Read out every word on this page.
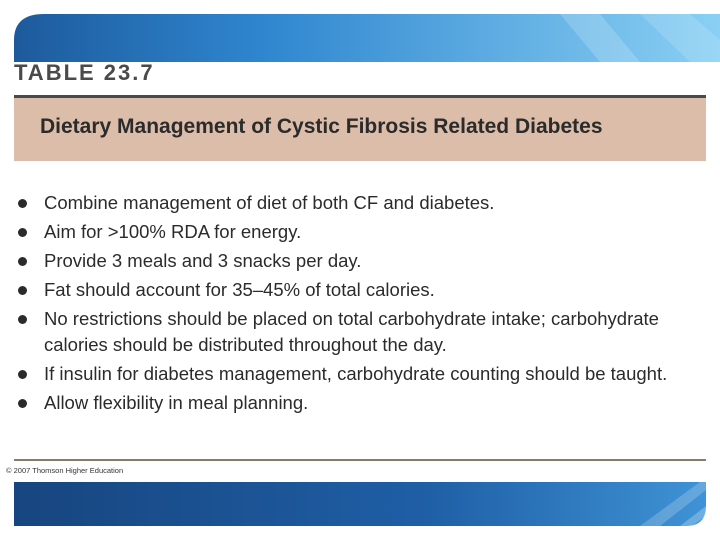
TABLE 23.7
Dietary Management of Cystic Fibrosis Related Diabetes
Combine management of diet of both CF and diabetes.
Aim for >100% RDA for energy.
Provide 3 meals and 3 snacks per day.
Fat should account for 35–45% of total calories.
No restrictions should be placed on total carbohydrate intake; carbohydrate calories should be distributed throughout the day.
If insulin for diabetes management, carbohydrate counting should be taught.
Allow flexibility in meal planning.

© 2007 Thomson Higher Education
